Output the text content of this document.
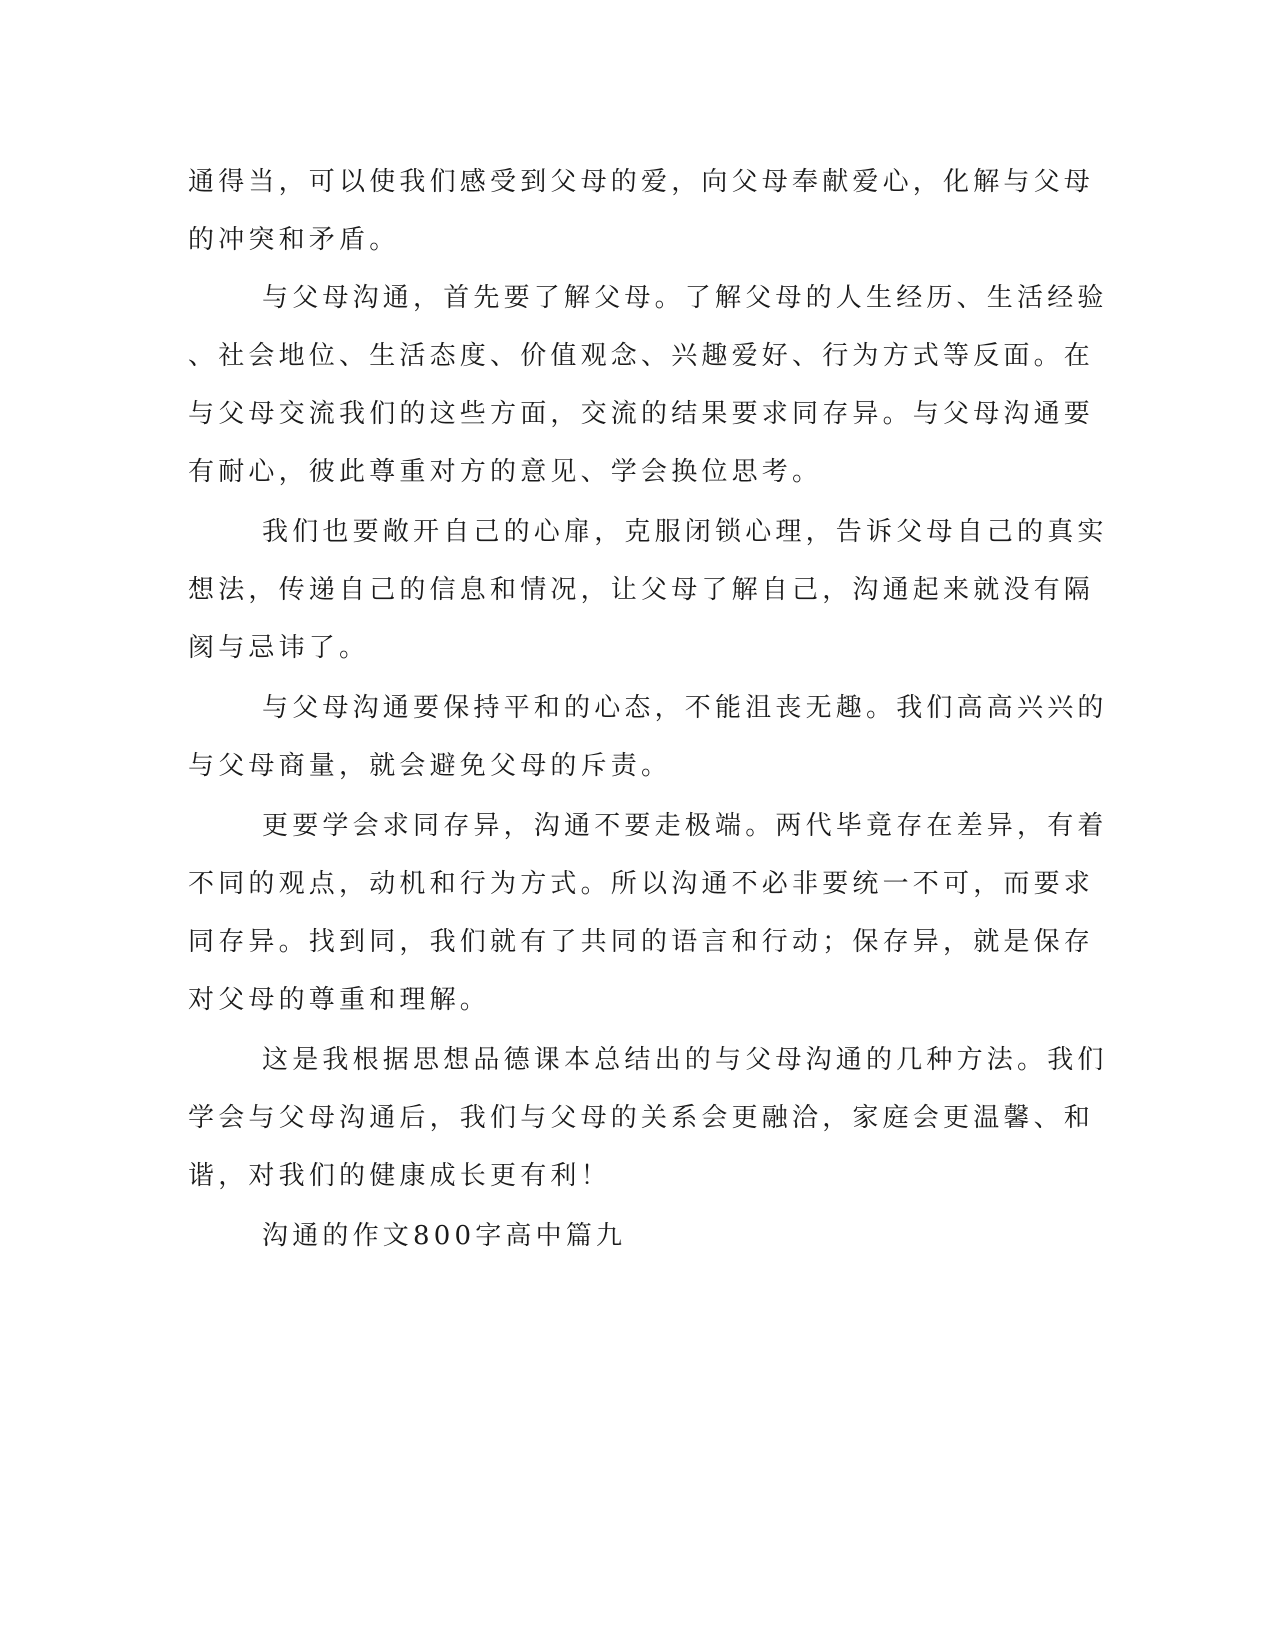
通得当，可以使我们感受到父母的爱，向父母奉献爱心，化解与父母
的冲突和矛盾。
与父母沟通，首先要了解父母。了解父母的人生经历、生活经验
、社会地位、生活态度、价值观念、兴趣爱好、行为方式等反面。在
与父母交流我们的这些方面，交流的结果要求同存异。与父母沟通要
有耐心，彼此尊重对方的意见、学会换位思考。
我们也要敞开自己的心扉，克服闭锁心理，告诉父母自己的真实
想法，传递自己的信息和情况，让父母了解自己，沟通起来就没有隔
阂与忌讳了。
与父母沟通要保持平和的心态，不能沮丧无趣。我们高高兴兴的
与父母商量，就会避免父母的斥责。
更要学会求同存异，沟通不要走极端。两代毕竟存在差异，有着
不同的观点，动机和行为方式。所以沟通不必非要统一不可，而要求
同存异。找到同，我们就有了共同的语言和行动；保存异，就是保存
对父母的尊重和理解。
这是我根据思想品德课本总结出的与父母沟通的几种方法。我们
学会与父母沟通后，我们与父母的关系会更融洽，家庭会更温馨、和
谐，对我们的健康成长更有利！
沟通的作文800字高中篇九
